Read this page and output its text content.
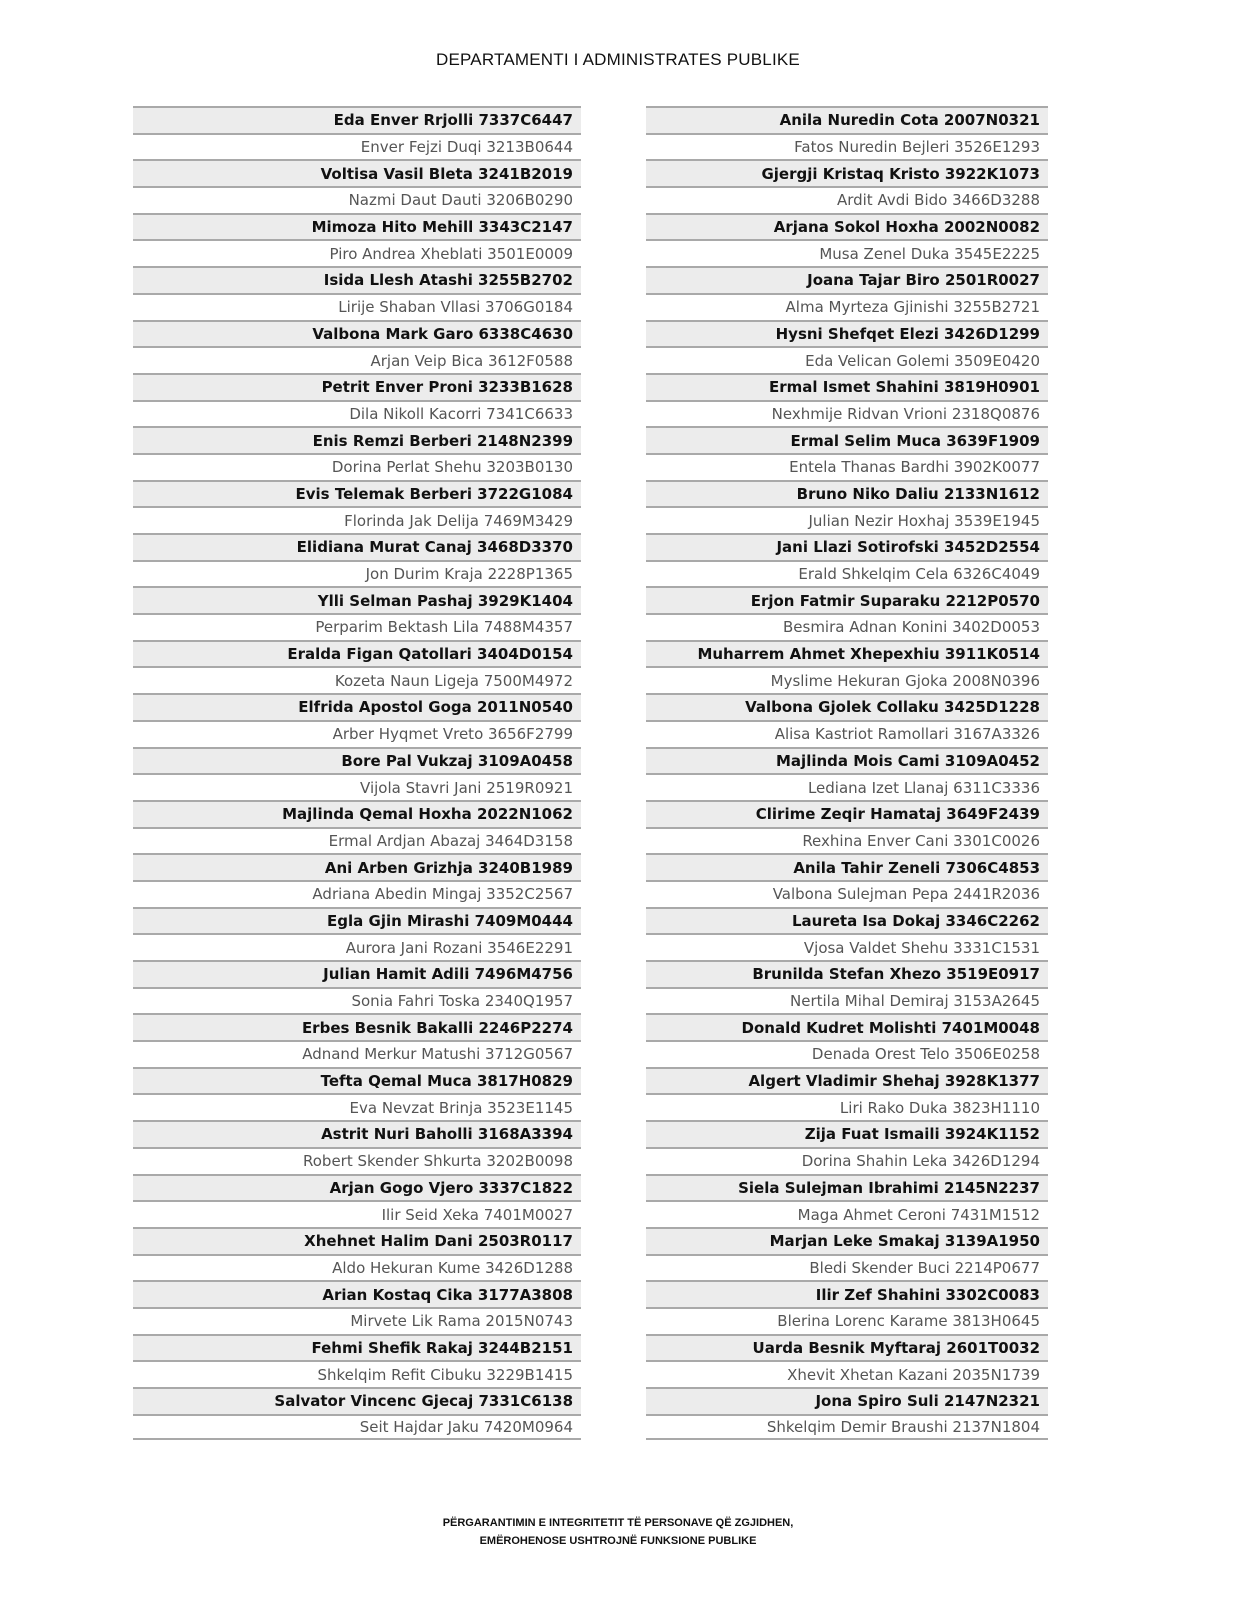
DEPARTAMENTI I ADMINISTRATES PUBLIKE
Eda Enver Rrjolli 7337C6447
Enver Fejzi Duqi 3213B0644
Voltisa Vasil Bleta 3241B2019
Nazmi Daut Dauti 3206B0290
Mimoza Hito Mehill 3343C2147
Piro Andrea Xheblati 3501E0009
Isida Llesh Atashi 3255B2702
Lirije Shaban Vllasi 3706G0184
Valbona Mark Garo 6338C4630
Arjan Veip Bica 3612F0588
Petrit Enver Proni 3233B1628
Dila Nikoll Kacorri 7341C6633
Enis Remzi Berberi 2148N2399
Dorina Perlat Shehu 3203B0130
Evis Telemak Berberi 3722G1084
Florinda Jak Delija 7469M3429
Elidiana Murat Canaj 3468D3370
Jon Durim Kraja 2228P1365
Ylli Selman Pashaj 3929K1404
Perparim Bektash Lila 7488M4357
Eralda Figan Qatollari 3404D0154
Kozeta Naun Ligeja 7500M4972
Elfrida Apostol Goga 2011N0540
Arber Hyqmet Vreto 3656F2799
Bore Pal Vukzaj 3109A0458
Vijola Stavri Jani 2519R0921
Majlinda Qemal Hoxha 2022N1062
Ermal Ardjan Abazaj 3464D3158
Ani Arben Grizhja 3240B1989
Adriana Abedin Mingaj 3352C2567
Egla Gjin Mirashi 7409M0444
Aurora Jani Rozani 3546E2291
Julian Hamit Adili 7496M4756
Sonia Fahri Toska 2340Q1957
Erbes Besnik Bakalli 2246P2274
Adnand Merkur Matushi 3712G0567
Tefta Qemal Muca 3817H0829
Eva Nevzat Brinja 3523E1145
Astrit Nuri Baholli 3168A3394
Robert Skender Shkurta 3202B0098
Arjan Gogo Vjero 3337C1822
Ilir Seid Xeka 7401M0027
Xhehnet Halim Dani 2503R0117
Aldo Hekuran Kume 3426D1288
Arian Kostaq Cika 3177A3808
Mirvete Lik Rama 2015N0743
Fehmi Shefik Rakaj 3244B2151
Shkelqim Refit Cibuku 3229B1415
Salvator Vincenc Gjecaj 7331C6138
Seit Hajdar Jaku 7420M0964
Anila Nuredin Cota 2007N0321
Fatos Nuredin Bejleri 3526E1293
Gjergji Kristaq Kristo 3922K1073
Ardit Avdi Bido 3466D3288
Arjana Sokol Hoxha 2002N0082
Musa Zenel Duka 3545E2225
Joana Tajar Biro 2501R0027
Alma Myrteza Gjinishi 3255B2721
Hysni Shefqet Elezi 3426D1299
Eda Velican Golemi 3509E0420
Ermal Ismet Shahini 3819H0901
Nexhmije Ridvan Vrioni 2318Q0876
Ermal Selim Muca 3639F1909
Entela Thanas Bardhi 3902K0077
Bruno Niko Daliu 2133N1612
Julian Nezir Hoxhaj 3539E1945
Jani Llazi Sotirofski 3452D2554
Erald Shkelqim Cela 6326C4049
Erjon Fatmir Suparaku 2212P0570
Besmira Adnan Konini 3402D0053
Muharrem Ahmet Xhepexhiu 3911K0514
Myslime Hekuran Gjoka 2008N0396
Valbona Gjolek Collaku 3425D1228
Alisa Kastriot Ramollari 3167A3326
Majlinda Mois Cami 3109A0452
Lediana Izet Llanaj 6311C3336
Clirime Zeqir Hamataj 3649F2439
Rexhina Enver Cani 3301C0026
Anila Tahir Zeneli 7306C4853
Valbona Sulejman Pepa 2441R2036
Laureta Isa Dokaj 3346C2262
Vjosa Valdet Shehu 3331C1531
Brunilda Stefan Xhezo 3519E0917
Nertila Mihal Demiraj 3153A2645
Donald Kudret Molishti 7401M0048
Denada Orest Telo 3506E0258
Algert Vladimir Shehaj 3928K1377
Liri Rako Duka 3823H1110
Zija Fuat Ismaili 3924K1152
Dorina Shahin Leka 3426D1294
Siela Sulejman Ibrahimi 2145N2237
Maga Ahmet Ceroni 7431M1512
Marjan Leke Smakaj 3139A1950
Bledi Skender Buci 2214P0677
Ilir Zef Shahini 3302C0083
Blerina Lorenc Karame 3813H0645
Uarda Besnik Myftaraj 2601T0032
Xhevit Xhetan Kazani 2035N1739
Jona Spiro Suli 2147N2321
Shkelqim Demir Braushi 2137N1804
PËRGARANTIMIN E INTEGRITETIT TË PERSONAVE QË ZGJIDHEN,
EMËROHENOSE USHTROJNË FUNKSIONE PUBLIKE
